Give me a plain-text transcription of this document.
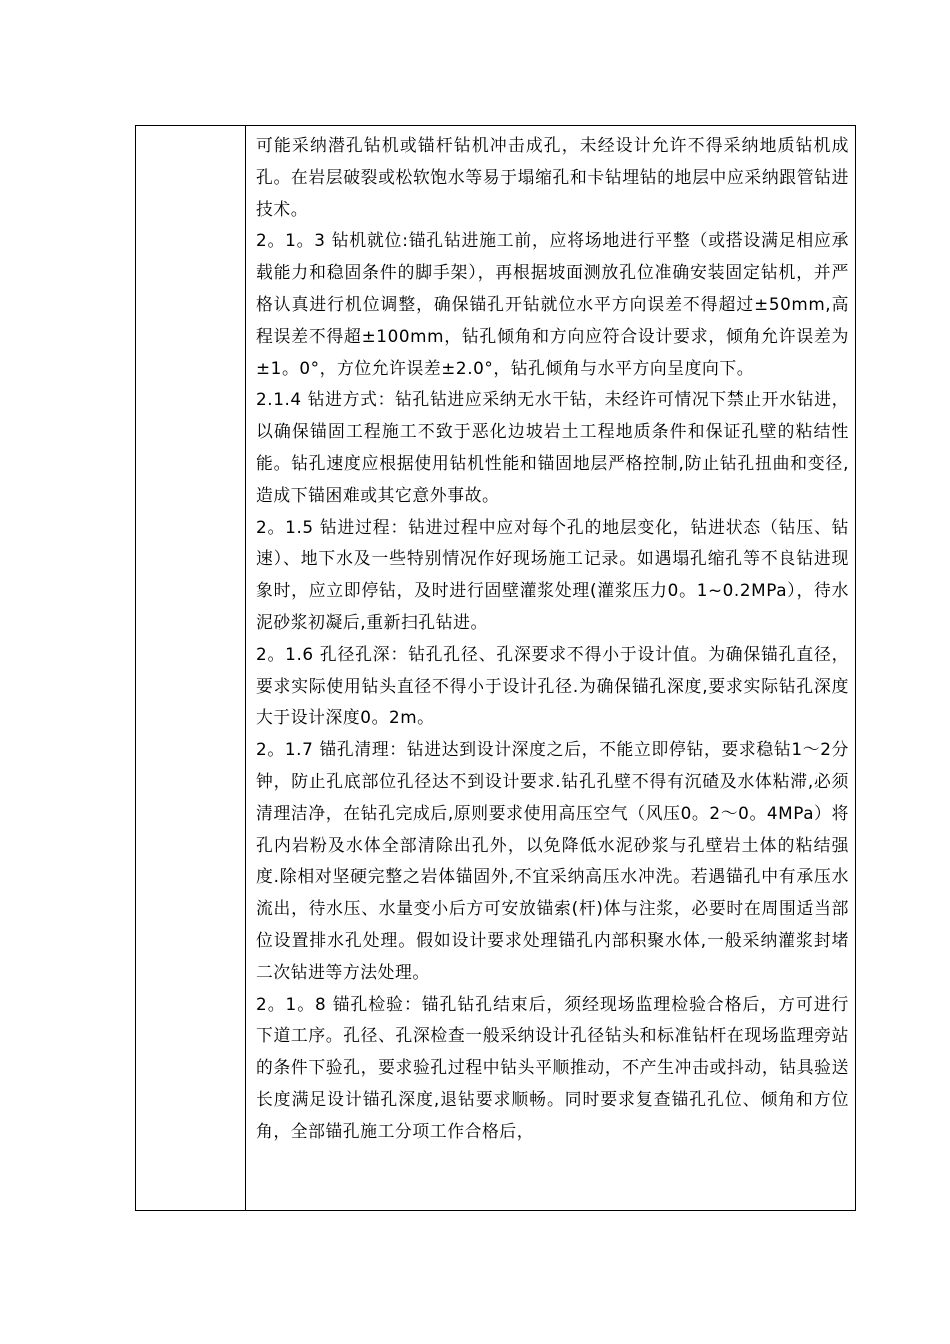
可能采纳潜孔钻机或锚杆钻机冲击成孔，未经设计允许不得采纳地质钻机成孔。在岩层破裂或松软饱水等易于塌缩孔和卡钻埋钻的地层中应采纳跟管钻进技术。

2。1。3 钻机就位:锚孔钻进施工前，应将场地进行平整（或搭设满足相应承载能力和稳固条件的脚手架），再根据坡面测放孔位准确安装固定钻机，并严格认真进行机位调整，确保锚孔开钻就位水平方向误差不得超过±50mm,高程误差不得超±100mm，钻孔倾角和方向应符合设计要求，倾角允许误差为±1。0°，方位允许误差±2.0°，钻孔倾角与水平方向呈度向下。

2.1.4 钻进方式：钻孔钻进应采纳无水干钻，未经许可情况下禁止开水钻进，以确保锚固工程施工不致于恶化边坡岩土工程地质条件和保证孔壁的粘结性能。钻孔速度应根据使用钻机性能和锚固地层严格控制,防止钻孔扭曲和变径,造成下锚困难或其它意外事故。

2。1.5 钻进过程：钻进过程中应对每个孔的地层变化，钻进状态（钻压、钻速）、地下水及一些特别情况作好现场施工记录。如遇塌孔缩孔等不良钻进现象时，应立即停钻，及时进行固壁灌浆处理(灌浆压力0。1~0.2MPa），待水泥砂浆初凝后,重新扫孔钻进。

2。1.6 孔径孔深：钻孔孔径、孔深要求不得小于设计值。为确保锚孔直径，要求实际使用钻头直径不得小于设计孔径.为确保锚孔深度,要求实际钻孔深度大于设计深度0。2m。

2。1.7 锚孔清理：钻进达到设计深度之后，不能立即停钻，要求稳钻1～2分钟，防止孔底部位孔径达不到设计要求.钻孔孔壁不得有沉碴及水体粘滞,必须清理洁净，在钻孔完成后,原则要求使用高压空气（风压0。2～0。4MPa）将孔内岩粉及水体全部清除出孔外，以免降低水泥砂浆与孔壁岩土体的粘结强度.除相对坚硬完整之岩体锚固外,不宜采纳高压水冲洗。若遇锚孔中有承压水流出，待水压、水量变小后方可安放锚索(杆)体与注浆，必要时在周围适当部位设置排水孔处理。假如设计要求处理锚孔内部积聚水体,一般采纳灌浆封堵二次钻进等方法处理。

2。1。8 锚孔检验：锚孔钻孔结束后，须经现场监理检验合格后，方可进行下道工序。孔径、孔深检查一般采纳设计孔径钻头和标准钻杆在现场监理旁站的条件下验孔，要求验孔过程中钻头平顺推动，不产生冲击或抖动，钻具验送长度满足设计锚孔深度,退钻要求顺畅。同时要求复查锚孔孔位、倾角和方位角，全部锚孔施工分项工作合格后，
